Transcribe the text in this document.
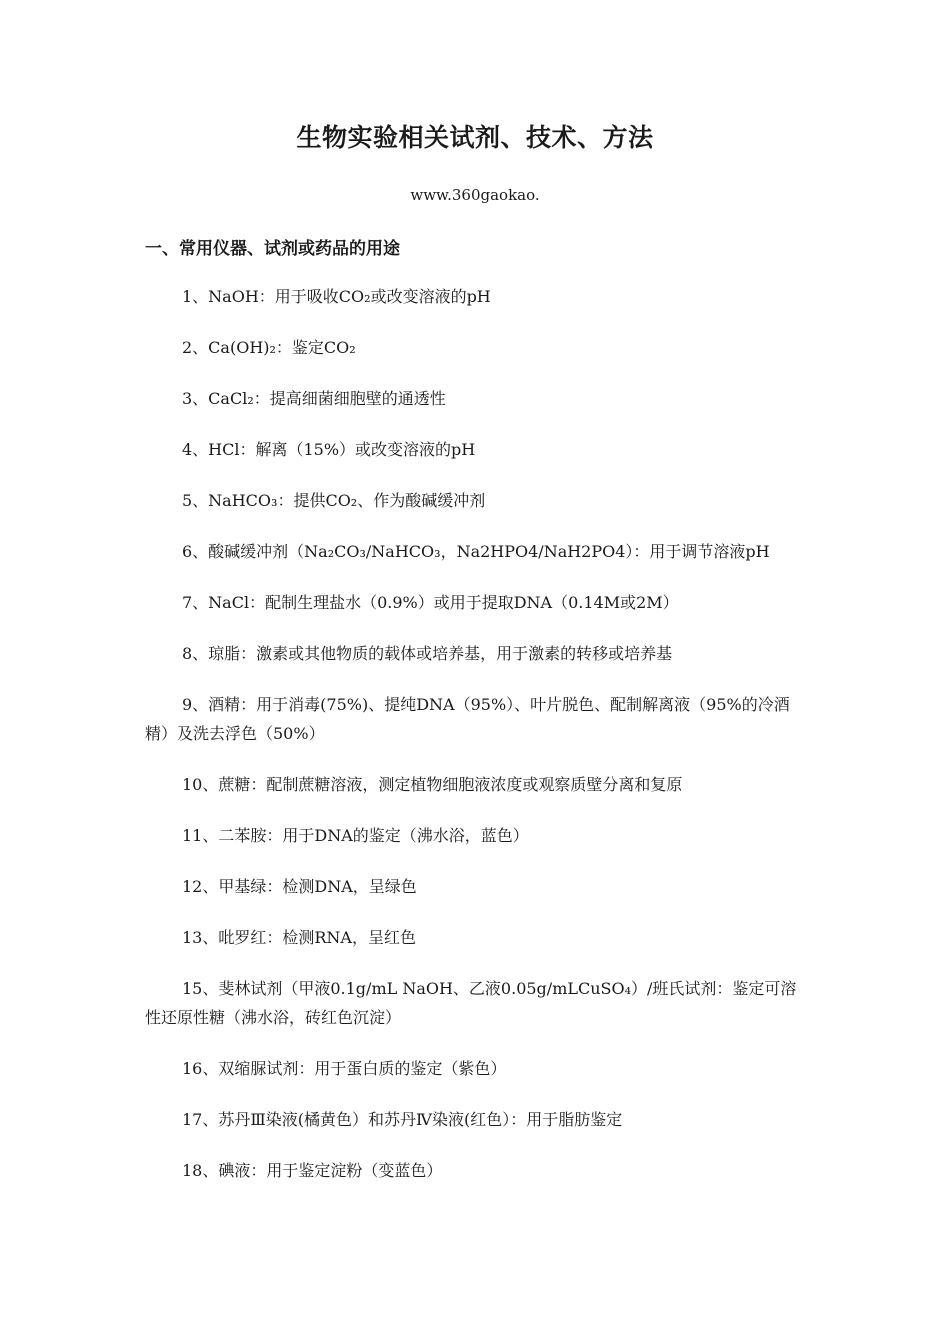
生物实验相关试剂、技术、方法
www.360gaokao.
一、常用仪器、试剂或药品的用途
1、NaOH：用于吸收CO₂或改变溶液的pH
2、Ca(OH)₂：鉴定CO₂
3、CaCl₂：提高细菌细胞壁的通透性
4、HCl：解离（15%）或改变溶液的pH
5、NaHCO₃：提供CO₂、作为酸碱缓冲剂
6、酸碱缓冲剂（Na₂CO₃/NaHCO₃，Na2HPO4/NaH2PO4）：用于调节溶液pH
7、NaCl：配制生理盐水（0.9%）或用于提取DNA（0.14M或2M）
8、琼脂：激素或其他物质的载体或培养基，用于激素的转移或培养基
9、酒精：用于消毒(75%)、提纯DNA（95%）、叶片脱色、配制解离液（95%的冷酒精）及洗去浮色（50%）
10、蔗糖：配制蔗糖溶液，测定植物细胞液浓度或观察质壁分离和复原
11、二苯胺：用于DNA的鉴定（沸水浴，蓝色）
12、甲基绿：检测DNA，呈绿色
13、吡罗红：检测RNA，呈红色
15、斐林试剂（甲液0.1g/mL NaOH、乙液0.05g/mLCuSO₄）/班氏试剂：鉴定可溶性还原性糖（沸水浴，砖红色沉淀）
16、双缩脲试剂：用于蛋白质的鉴定（紫色）
17、苏丹Ⅲ染液(橘黄色）和苏丹Ⅳ染液(红色）：用于脂肪鉴定
18、碘液：用于鉴定淀粉（变蓝色）
